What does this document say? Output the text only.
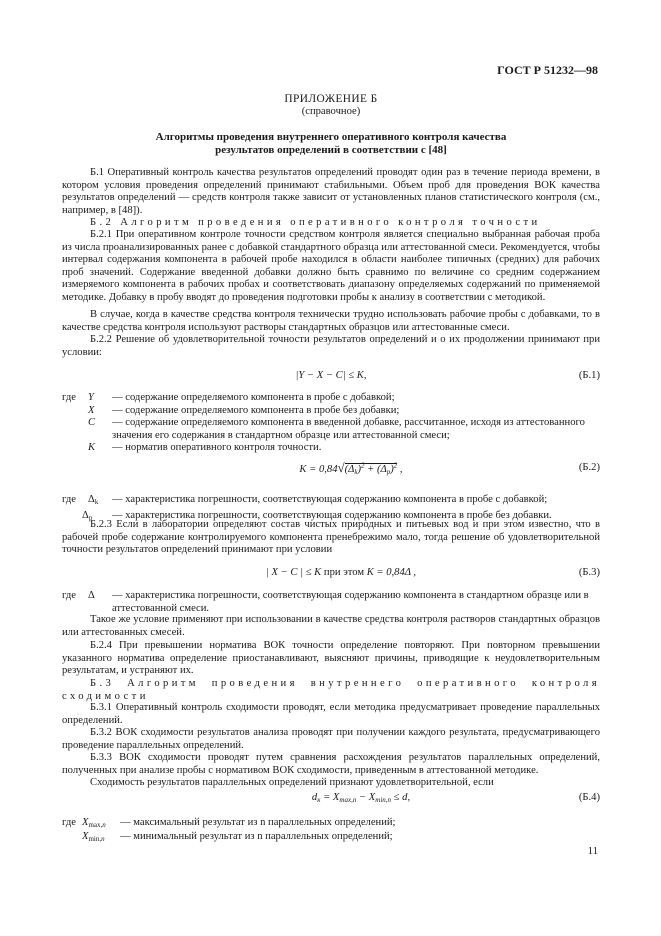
ГОСТ Р 51232—98
ПРИЛОЖЕНИЕ Б
(справочное)
Алгоритмы проведения внутреннего оперативного контроля качества
результатов определений в соответствии с [48]

Б.1 Оперативный контроль качества результатов определений проводят один раз в течение периода времени, в котором условия проведения определений принимают стабильными. Объем проб для проведения ВОК качества результатов определений — средств контроля также зависит от установленных планов статистического контроля (см., например, в [48]).

Б.2 Алгоритм проведения оперативного контроля точности

Б.2.1 При оперативном контроле точности средством контроля является специально выбранная рабочая проба из числа проанализированных ранее с добавкой стандартного образца или аттестованной смеси. Рекомендуется, чтобы интервал содержания компонента в рабочей пробе находился в области наиболее типичных (средних) для рабочих проб значений. Содержание введенной добавки должно быть сравнимо по величине со средним содержанием измеряемого компонента в рабочих пробах и соответствовать диапазону определяемых содержаний по применяемой методике. Добавку в пробу вводят до проведения подготовки пробы к анализу в соответствии с методикой.

В случае, когда в качестве средства контроля технически трудно использовать рабочие пробы с добавками, то в качестве средства контроля используют растворы стандартных образцов или аттестованные смеси.

Б.2.2 Решение об удовлетворительной точности результатов определений и о их продолжении принимают при условии:

|Y − X − C| ≤ K,	(Б.1)
где	Y	— содержание определяемого компонента в пробе с добавкой;
X	— содержание определяемого компонента в пробе без добавки;
C	— содержание определяемого компонента в введенной добавке, рассчитанное, исходя из аттестованного значения его содержания в стандартном образце или аттестованной смеси;
K	— норматив оперативного контроля точности.
$K = 0,84√(\Delta_k)^2 + (\Delta_p)^2$ ,	(Б.2)
где	$\Delta_k$	— характеристика погрешности, соответствующая содержанию компонента в пробе с добавкой;
$\Delta_p$	— характеристика погрешности, соответствующая содержанию компонента в пробе без добавки.

Б.2.3 Если в лаборатории определяют состав чистых природных и питьевых вод и при этом известно, что в рабочей пробе содержание контролируемого компонента пренебрежимо мало, тогда решение об удовлетворительной точности результатов определений принимают при условии

| X − C | ≤ K при этом K = 0,84Δ ,	(Б.3)
где	Δ	— характеристика погрешности, соответствующая содержанию компонента в стандартном образце или в аттестованной смеси.

Такое же условие применяют при использовании в качестве средства контроля растворов стандартных образцов или аттестованных смесей.

Б.2.4 При превышении норматива ВОК точности определение повторяют. При повторном превышении указанного норматива определение приостанавливают, выясняют причины, приводящие к неудовлетворительным результатам, и устраняют их.

Б.3 Алгоритм проведения внутреннего оперативного контроля сходимости

Б.3.1 Оперативный контроль сходимости проводят, если методика предусматривает проведение параллельных определений.

Б.3.2 ВОК сходимости результатов анализа проводят при получении каждого результата, предусматривающего проведение параллельных определений.

Б.3.3 ВОК сходимости проводят путем сравнения расхождения результатов параллельных определений, полученных при анализе пробы с нормативом ВОК сходимости, приведенным в аттестованной методике.

Сходимость результатов параллельных определений признают удовлетворительной, если

$d_к = X_{max,n} - X_{min,n} \le d$,	(Б.4)
где $X_{max,n}$	— максимальный результат из n параллельных определений;
$X_{min,n}$	— минимальный результат из n параллельных определений;
11
